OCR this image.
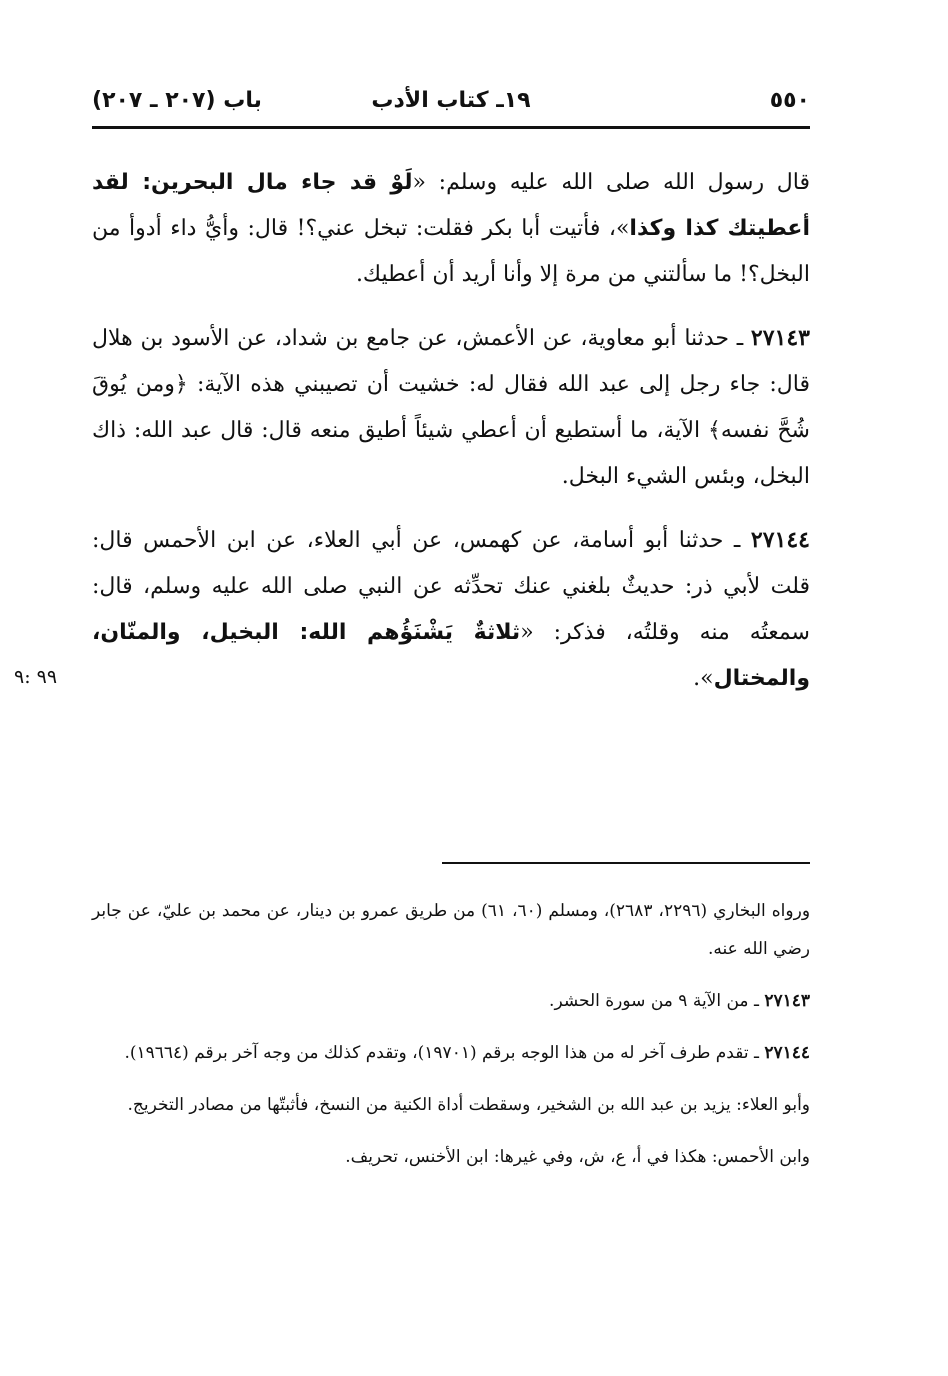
٥٥٠
١٩ـ كتاب الأدب
باب (٢٠٧ ـ ٢٠٧)

قال رسول الله صلى الله عليه وسلم: «لَوْ قد جاء مال البحرين: لقد أعطيتك كذا وكذا»، فأتيت أبا بكر فقلت: تبخل عني؟! قال: وأيُّ داء أدوأ من البخل؟! ما سألتني من مرة إلا وأنا أريد أن أعطيك.

٢٧١٤٣ ـ حدثنا أبو معاوية، عن الأعمش، عن جامع بن شداد، عن الأسود بن هلال قال: جاء رجل إلى عبد الله فقال له: خشيت أن تصيبني هذه الآية: ﴿ومن يُوقَ شُحَّ نفسه﴾ الآية، ما أستطيع أن أعطي شيئاً أطيق منعه قال: قال عبد الله: ذاك البخل، وبئس الشيء البخل.

٢٧١٤٤ ـ حدثنا أبو أسامة، عن كهمس، عن أبي العلاء، عن ابن الأحمس قال: قلت لأبي ذر: حديثٌ بلغني عنك تحدِّثه عن النبي صلى الله عليه وسلم، قال: سمعتُه منه وقلتُه، فذكر: «ثلاثةٌ يَشْنَؤُهم الله: البخيل، والمنّان، والمختال».

٩٩ :٩

ورواه البخاري (٢٢٩٦، ٢٦٨٣)، ومسلم (٦٠، ٦١) من طريق عمرو بن دينار، عن محمد بن عليّ، عن جابر رضي الله عنه.

٢٧١٤٣ ـ من الآية ٩ من سورة الحشر.

٢٧١٤٤ ـ تقدم طرف آخر له من هذا الوجه برقم (١٩٧٠١)، وتقدم كذلك من وجه آخر برقم (١٩٦٦٤).

وأبو العلاء: يزيد بن عبد الله بن الشخير، وسقطت أداة الكنية من النسخ، فأثبتّها من مصادر التخريج.

وابن الأحمس: هكذا في أ، ع، ش، وفي غيرها: ابن الأخنس، تحريف.
